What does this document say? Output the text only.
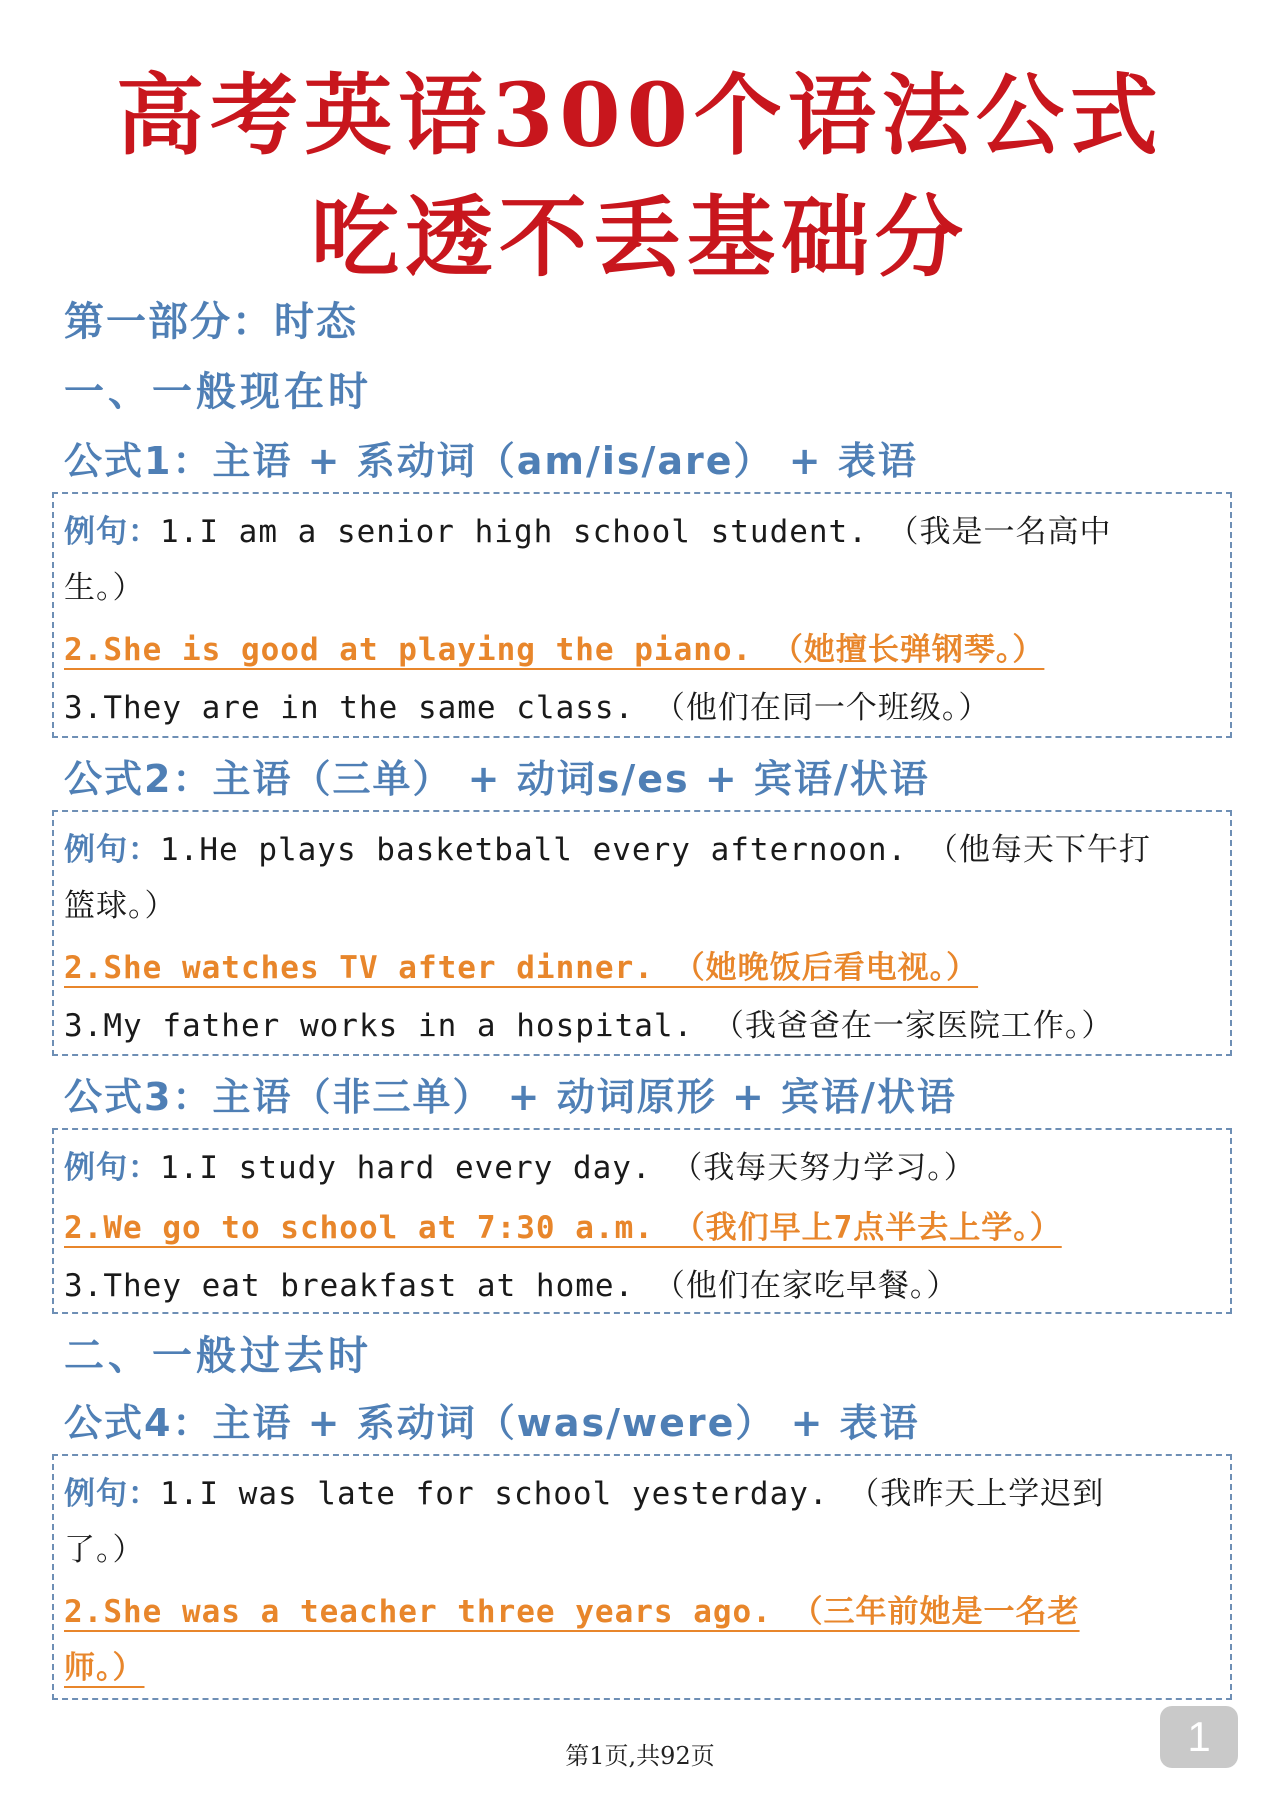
高考英语300个语法公式
吃透不丢基础分
第一部分：时态
一、一般现在时
公式1：主语 + 系动词（am/is/are） + 表语
例句：1.I am a senior high school student. （我是一名高中
生。）
2.She is good at playing the piano. （她擅长弹钢琴。）
3.They are in the same class. （他们在同一个班级。）
公式2：主语（三单） + 动词s/es + 宾语/状语
例句：1.He plays basketball every afternoon. （他每天下午打
篮球。）
2.She watches TV after dinner. （她晚饭后看电视。）
3.My father works in a hospital. （我爸爸在一家医院工作。）
公式3：主语（非三单） + 动词原形 + 宾语/状语
例句：1.I study hard every day. （我每天努力学习。）
2.We go to school at 7:30 a.m. （我们早上7点半去上学。）
3.They eat breakfast at home. （他们在家吃早餐。）
二、一般过去时
公式4：主语 + 系动词（was/were） + 表语
例句：1.I was late for school yesterday. （我昨天上学迟到
了。）
2.She was a teacher three years ago. （三年前她是一名老
师。）
1
第1页,共92页
